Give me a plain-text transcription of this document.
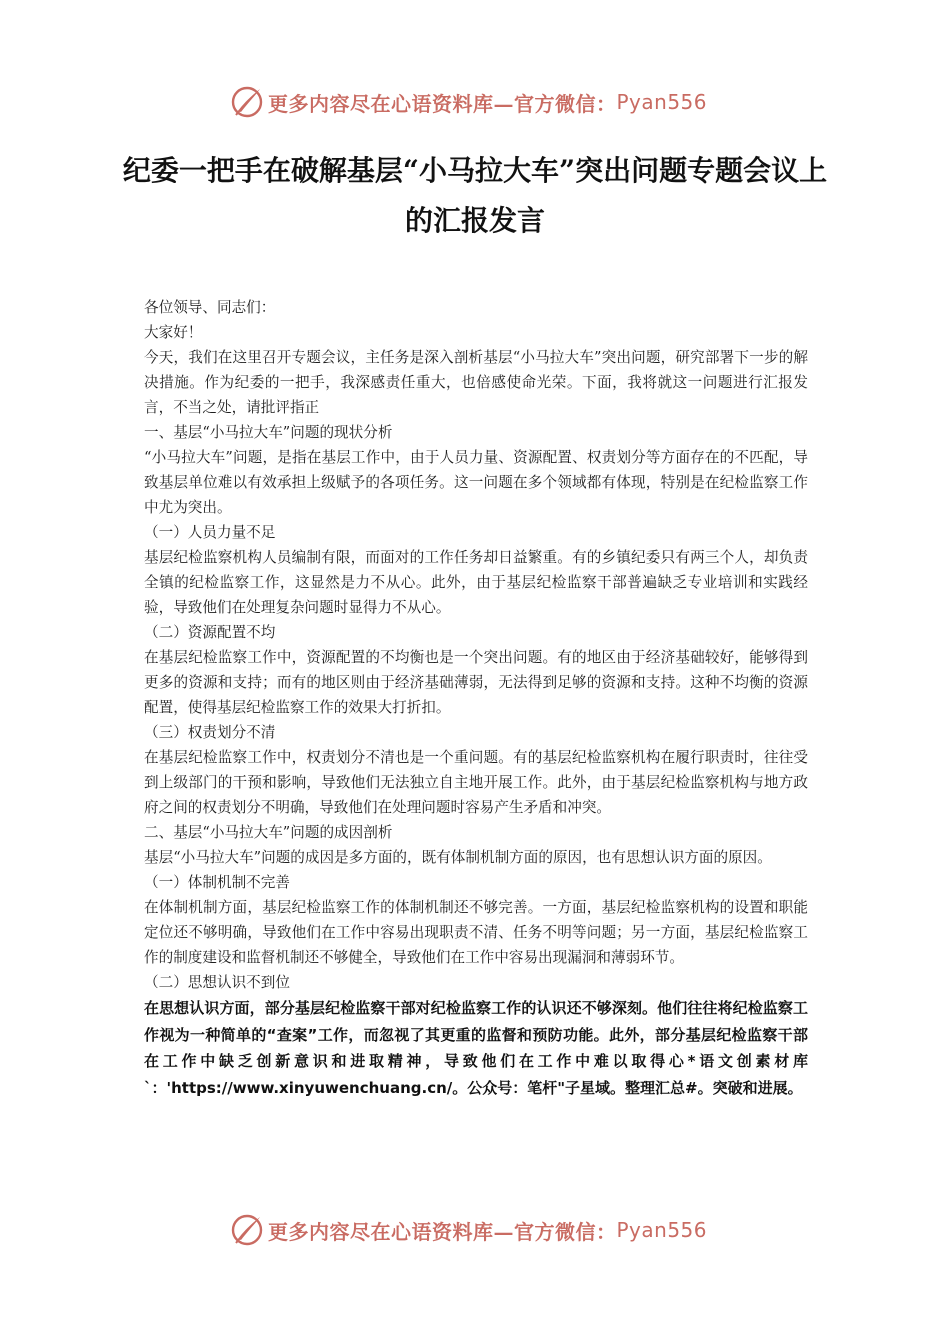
更多内容尽在心语资料库—官方微信： Pyan556
纪委一把手在破解基层“小马拉大车”突出问题专题会议上的汇报发言

各位领导、同志们：

大家好！

今天，我们在这里召开专题会议，主任务是深入剖析基层“小马拉大车”突出问题，研究部署下一步的解决措施。作为纪委的一把手，我深感责任重大，也倍感使命光荣。下面，我将就这一问题进行汇报发言，不当之处，请批评指正

一、基层“小马拉大车”问题的现状分析

“小马拉大车”问题，是指在基层工作中，由于人员力量、资源配置、权责划分等方面存在的不匹配，导致基层单位难以有效承担上级赋予的各项任务。这一问题在多个领域都有体现，特别是在纪检监察工作中尤为突出。

（一）人员力量不足

基层纪检监察机构人员编制有限，而面对的工作任务却日益繁重。有的乡镇纪委只有两三个人，却负责全镇的纪检监察工作，这显然是力不从心。此外，由于基层纪检监察干部普遍缺乏专业培训和实践经验，导致他们在处理复杂问题时显得力不从心。

（二）资源配置不均

在基层纪检监察工作中，资源配置的不均衡也是一个突出问题。有的地区由于经济基础较好，能够得到更多的资源和支持；而有的地区则由于经济基础薄弱，无法得到足够的资源和支持。这种不均衡的资源配置，使得基层纪检监察工作的效果大打折扣。

（三）权责划分不清

在基层纪检监察工作中，权责划分不清也是一个重问题。有的基层纪检监察机构在履行职责时，往往受到上级部门的干预和影响，导致他们无法独立自主地开展工作。此外，由于基层纪检监察机构与地方政府之间的权责划分不明确，导致他们在处理问题时容易产生矛盾和冲突。

二、基层“小马拉大车”问题的成因剖析

基层“小马拉大车”问题的成因是多方面的，既有体制机制方面的原因，也有思想认识方面的原因。

（一）体制机制不完善

在体制机制方面，基层纪检监察工作的体制机制还不够完善。一方面，基层纪检监察机构的设置和职能定位还不够明确，导致他们在工作中容易出现职责不清、任务不明等问题；另一方面，基层纪检监察工作的制度建设和监督机制还不够健全，导致他们在工作中容易出现漏洞和薄弱环节。

（二）思想认识不到位

在思想认识方面，部分基层纪检监察干部对纪检监察工作的认识还不够深刻。他们往往将纪检监察工作视为一种简单的“查案”工作，而忽视了其更重的监督和预防功能。此外，部分基层纪检监察干部在工作中缺乏创新意识和进取精神，导致他们在工作中难以取得心*语文创素材库`：'https://www.xinyuwenchuang.cn/。公众号：笔杆"子星域。整理汇总#。突破和进展。

更多内容尽在心语资料库—官方微信： Pyan556
